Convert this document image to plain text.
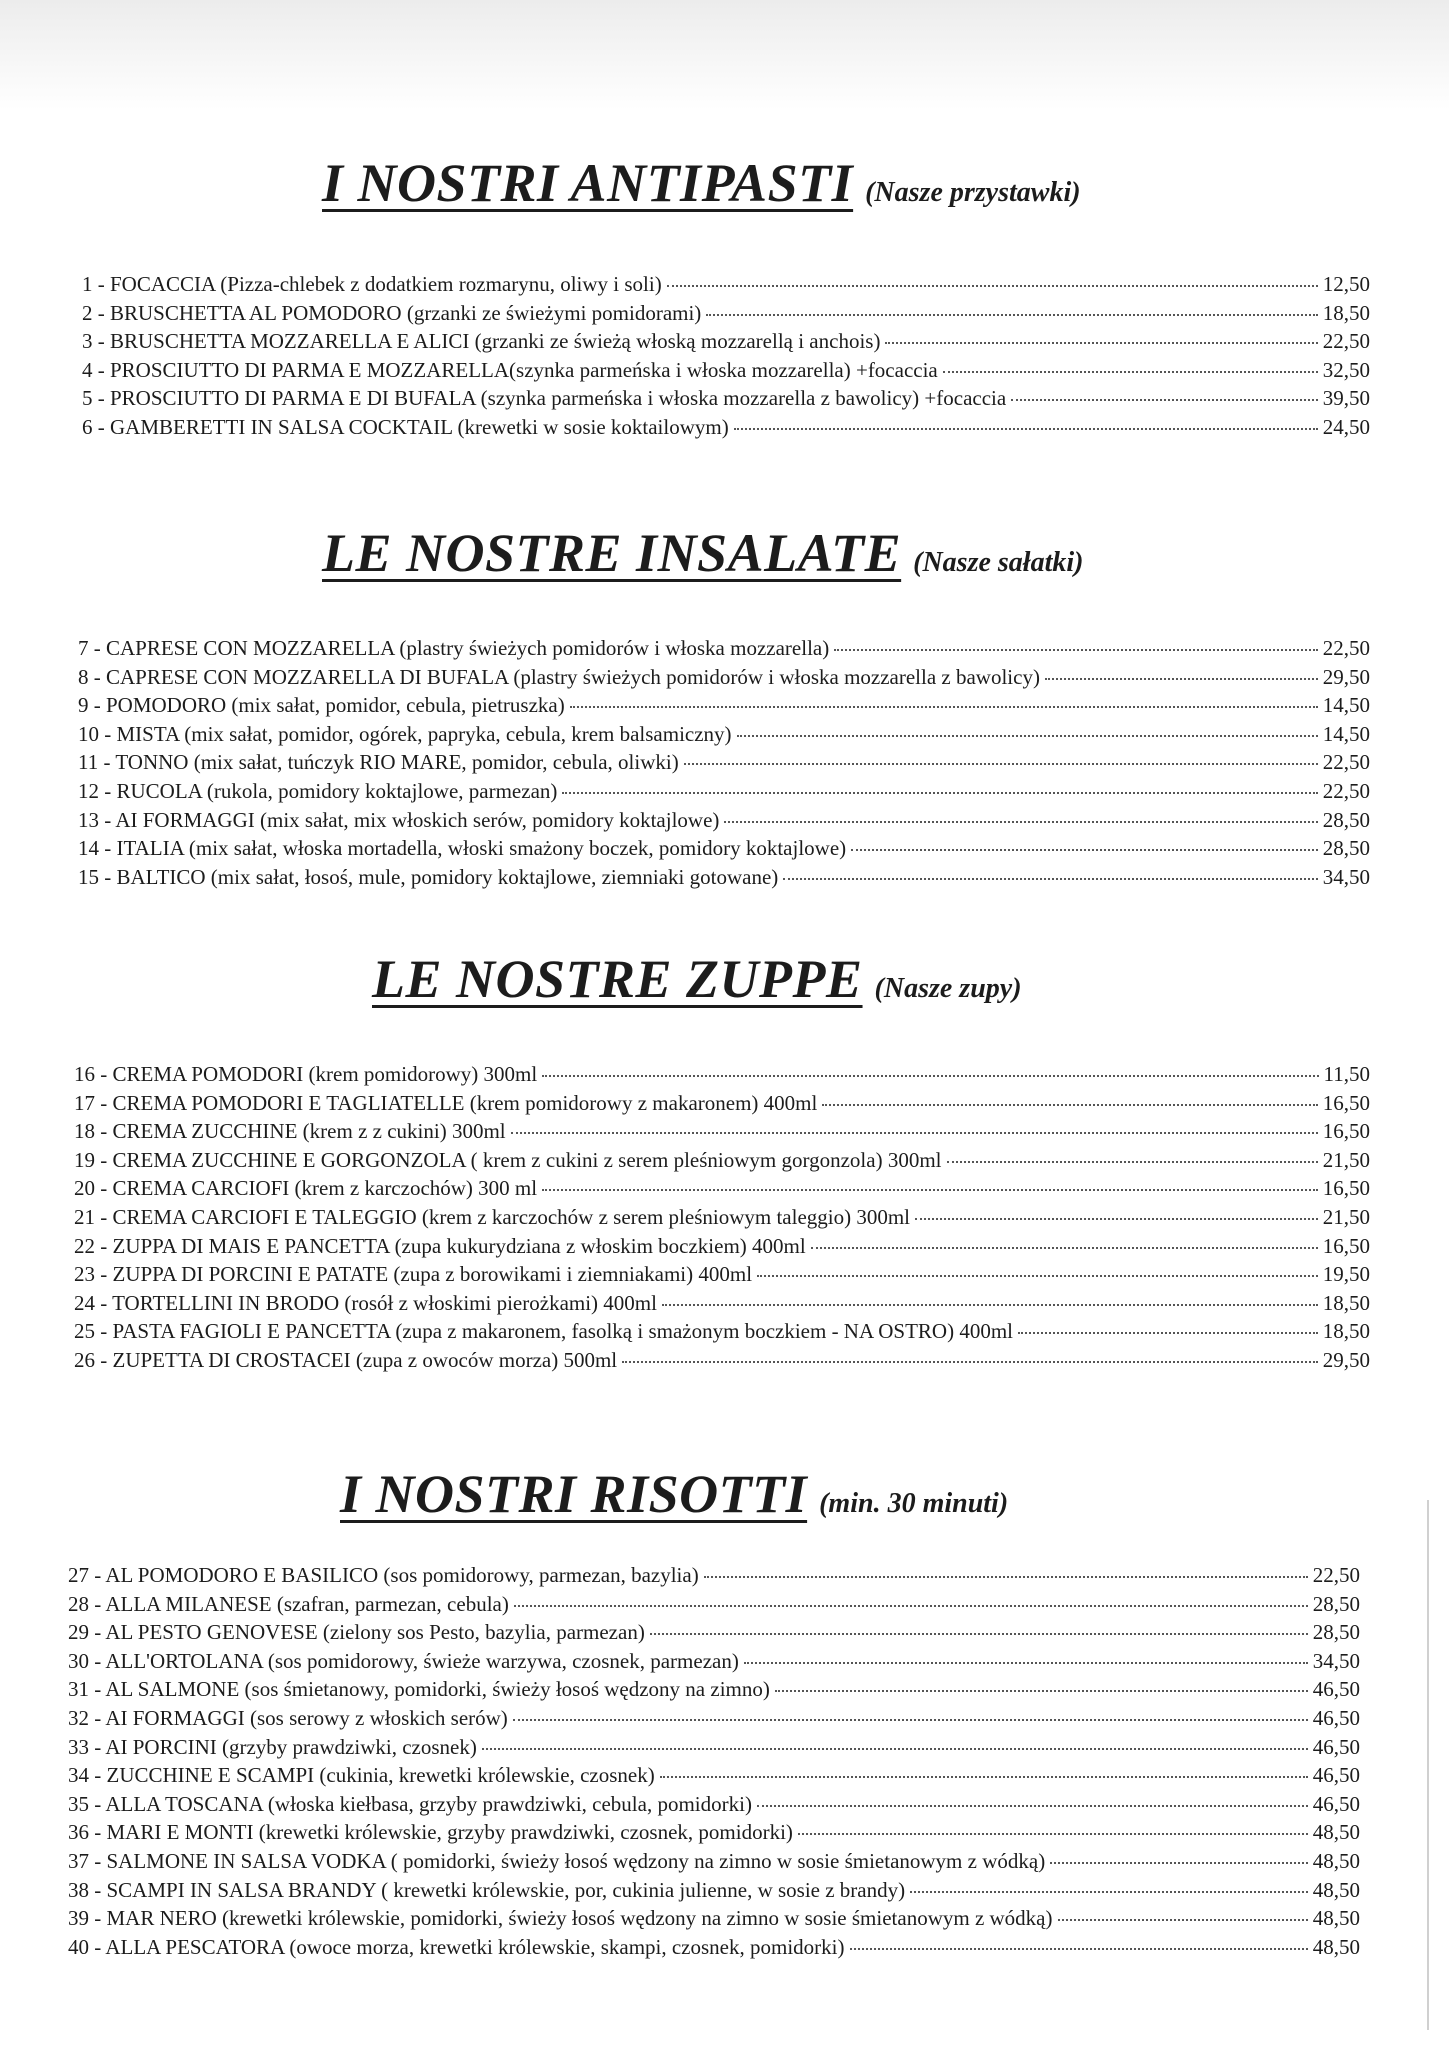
I NOSTRI ANTIPASTI (Nasze przystawki)
1 - FOCACCIA (Pizza-chlebek z dodatkiem rozmarynu, oliwy i soli)	12,50
2 - BRUSCHETTA AL POMODORO (grzanki ze świeżymi pomidorami)	18,50
3 - BRUSCHETTA MOZZARELLA E ALICI (grzanki ze świeżą włoską mozzarellą i anchois)	22,50
4 - PROSCIUTTO DI PARMA E MOZZARELLA(szynka parmeńska i włoska mozzarella) +focaccia	32,50
5 - PROSCIUTTO DI PARMA E DI BUFALA (szynka parmeńska i włoska mozzarella z bawolicy) +focaccia	39,50
6 - GAMBERETTI IN SALSA COCKTAIL (krewetki w sosie koktailowym)	24,50
LE NOSTRE INSALATE (Nasze sałatki)
7 - CAPRESE CON MOZZARELLA (plastry świeżych pomidorów i włoska mozzarella)	22,50
8 - CAPRESE CON MOZZARELLA DI BUFALA (plastry świeżych pomidorów i włoska mozzarella z bawolicy)	29,50
9 - POMODORO (mix sałat, pomidor, cebula, pietruszka)	14,50
10 - MISTA (mix sałat, pomidor, ogórek, papryka, cebula, krem balsamiczny)	14,50
11 - TONNO (mix sałat, tuńczyk RIO MARE, pomidor, cebula, oliwki)	22,50
12 - RUCOLA (rukola, pomidory koktajlowe, parmezan)	22,50
13 - AI FORMAGGI (mix sałat, mix włoskich serów, pomidory koktajlowe)	28,50
14 - ITALIA (mix sałat, włoska mortadella, włoski smażony boczek, pomidory koktajlowe)	28,50
15 - BALTICO (mix sałat, łosoś, mule, pomidory koktajlowe, ziemniaki gotowane)	34,50
LE NOSTRE ZUPPE (Nasze zupy)
16 - CREMA POMODORI (krem pomidorowy) 300ml	11,50
17 - CREMA POMODORI E TAGLIATELLE (krem pomidorowy z makaronem) 400ml	16,50
18 - CREMA ZUCCHINE (krem z z cukini) 300ml	16,50
19 - CREMA ZUCCHINE E GORGONZOLA ( krem z cukini z serem pleśniowym gorgonzola) 300ml	21,50
20 - CREMA CARCIOFI (krem z karczochów) 300 ml	16,50
21 - CREMA CARCIOFI E TALEGGIO (krem z karczochów z serem pleśniowym taleggio) 300ml	21,50
22 - ZUPPA DI MAIS E PANCETTA (zupa kukurydziana z włoskim boczkiem) 400ml	16,50
23 - ZUPPA DI PORCINI E PATATE (zupa z borowikami i ziemniakami) 400ml	19,50
24 - TORTELLINI IN BRODO (rosół z włoskimi pierożkami) 400ml	18,50
25 - PASTA FAGIOLI E PANCETTA (zupa z makaronem, fasolką i smażonym boczkiem - NA OSTRO) 400ml	18,50
26 - ZUPETTA DI CROSTACEI (zupa z owoców morza) 500ml	29,50
I NOSTRI RISOTTI (min. 30 minuti)
27 - AL POMODORO E BASILICO (sos pomidorowy, parmezan, bazylia)	22,50
28 - ALLA MILANESE (szafran, parmezan, cebula)	28,50
29 - AL PESTO GENOVESE (zielony sos Pesto, bazylia, parmezan)	28,50
30 - ALL'ORTOLANA (sos pomidorowy, świeże warzywa, czosnek, parmezan)	34,50
31 - AL SALMONE (sos śmietanowy, pomidorki, świeży łosoś wędzony na zimno)	46,50
32 - AI FORMAGGI (sos serowy z włoskich serów)	46,50
33 - AI PORCINI (grzyby prawdziwki, czosnek)	46,50
34 - ZUCCHINE E SCAMPI (cukinia, krewetki królewskie, czosnek)	46,50
35 - ALLA TOSCANA (włoska kiełbasa, grzyby prawdziwki, cebula, pomidorki)	46,50
36 - MARI E MONTI (krewetki królewskie, grzyby prawdziwki, czosnek, pomidorki)	48,50
37 - SALMONE IN SALSA VODKA ( pomidorki, świeży łosoś wędzony na zimno w sosie śmietanowym z wódką)	48,50
38 - SCAMPI IN SALSA BRANDY ( krewetki królewskie, por, cukinia julienne, w sosie z brandy)	48,50
39 - MAR NERO (krewetki królewskie, pomidorki, świeży łosoś wędzony na zimno w sosie śmietanowym z wódką)	48,50
40 - ALLA PESCATORA (owoce morza, krewetki królewskie, skampi, czosnek, pomidorki)	48,50
